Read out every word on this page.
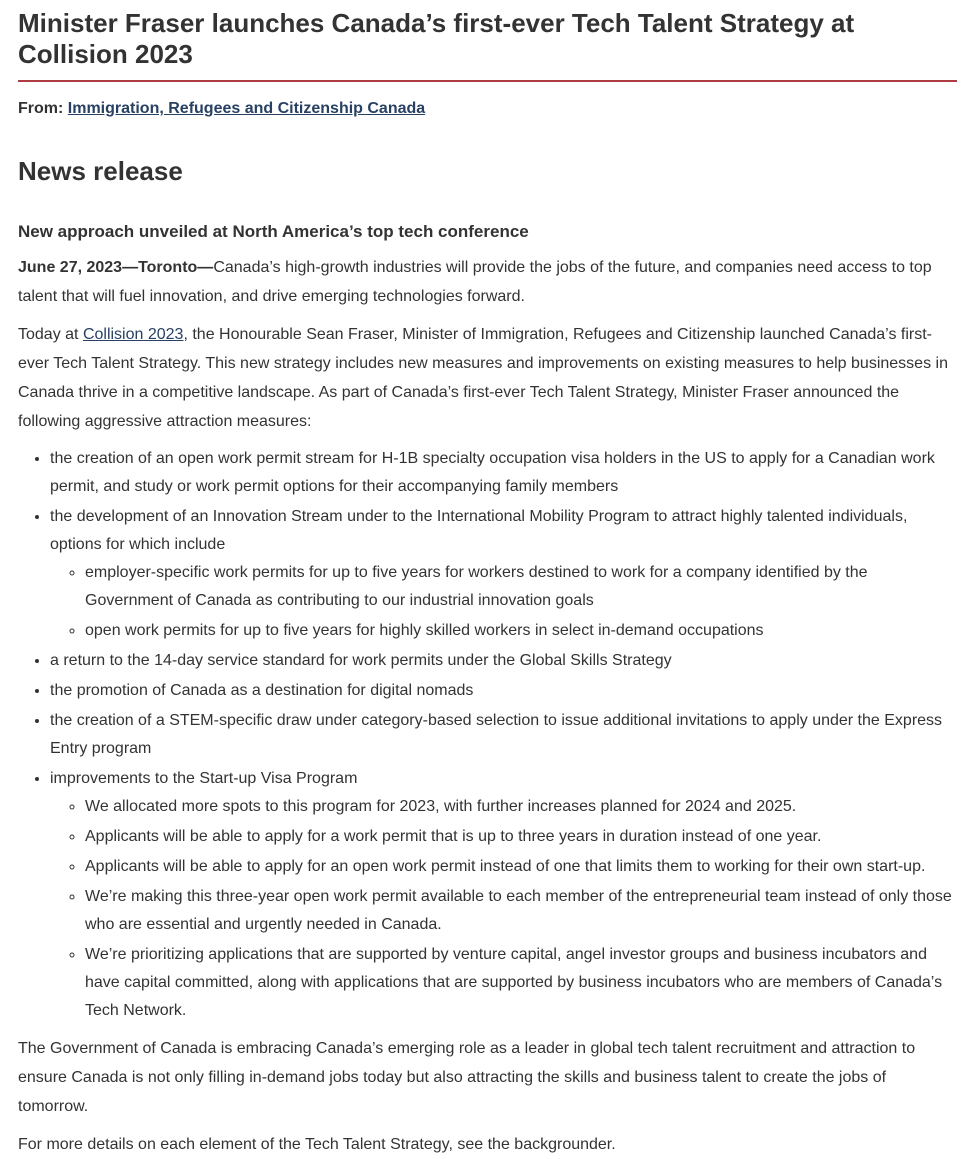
Minister Fraser launches Canada’s first-ever Tech Talent Strategy at Collision 2023

From: Immigration, Refugees and Citizenship Canada

News release
New approach unveiled at North America’s top tech conference

June 27, 2023—Toronto—Canada’s high-growth industries will provide the jobs of the future, and companies need access to top talent that will fuel innovation, and drive emerging technologies forward.

Today at Collision 2023, the Honourable Sean Fraser, Minister of Immigration, Refugees and Citizenship launched Canada’s first-ever Tech Talent Strategy. This new strategy includes new measures and improvements on existing measures to help businesses in Canada thrive in a competitive landscape. As part of Canada’s first-ever Tech Talent Strategy, Minister Fraser announced the following aggressive attraction measures:

• the creation of an open work permit stream for H-1B specialty occupation visa holders in the US to apply for a Canadian work permit, and study or work permit options for their accompanying family members
• the development of an Innovation Stream under to the International Mobility Program to attract highly talented individuals, options for which include
◦ employer-specific work permits for up to five years for workers destined to work for a company identified by the Government of Canada as contributing to our industrial innovation goals
◦ open work permits for up to five years for highly skilled workers in select in-demand occupations
• a return to the 14-day service standard for work permits under the Global Skills Strategy
• the promotion of Canada as a destination for digital nomads
• the creation of a STEM-specific draw under category-based selection to issue additional invitations to apply under the Express Entry program
• improvements to the Start-up Visa Program
◦ We allocated more spots to this program for 2023, with further increases planned for 2024 and 2025.
◦ Applicants will be able to apply for a work permit that is up to three years in duration instead of one year.
◦ Applicants will be able to apply for an open work permit instead of one that limits them to working for their own start-up.
◦ We’re making this three-year open work permit available to each member of the entrepreneurial team instead of only those who are essential and urgently needed in Canada.
◦ We’re prioritizing applications that are supported by venture capital, angel investor groups and business incubators and have capital committed, along with applications that are supported by business incubators who are members of Canada’s Tech Network.

The Government of Canada is embracing Canada’s emerging role as a leader in global tech talent recruitment and attraction to ensure Canada is not only filling in-demand jobs today but also attracting the skills and business talent to create the jobs of tomorrow.

For more details on each element of the Tech Talent Strategy, see the backgrounder.
